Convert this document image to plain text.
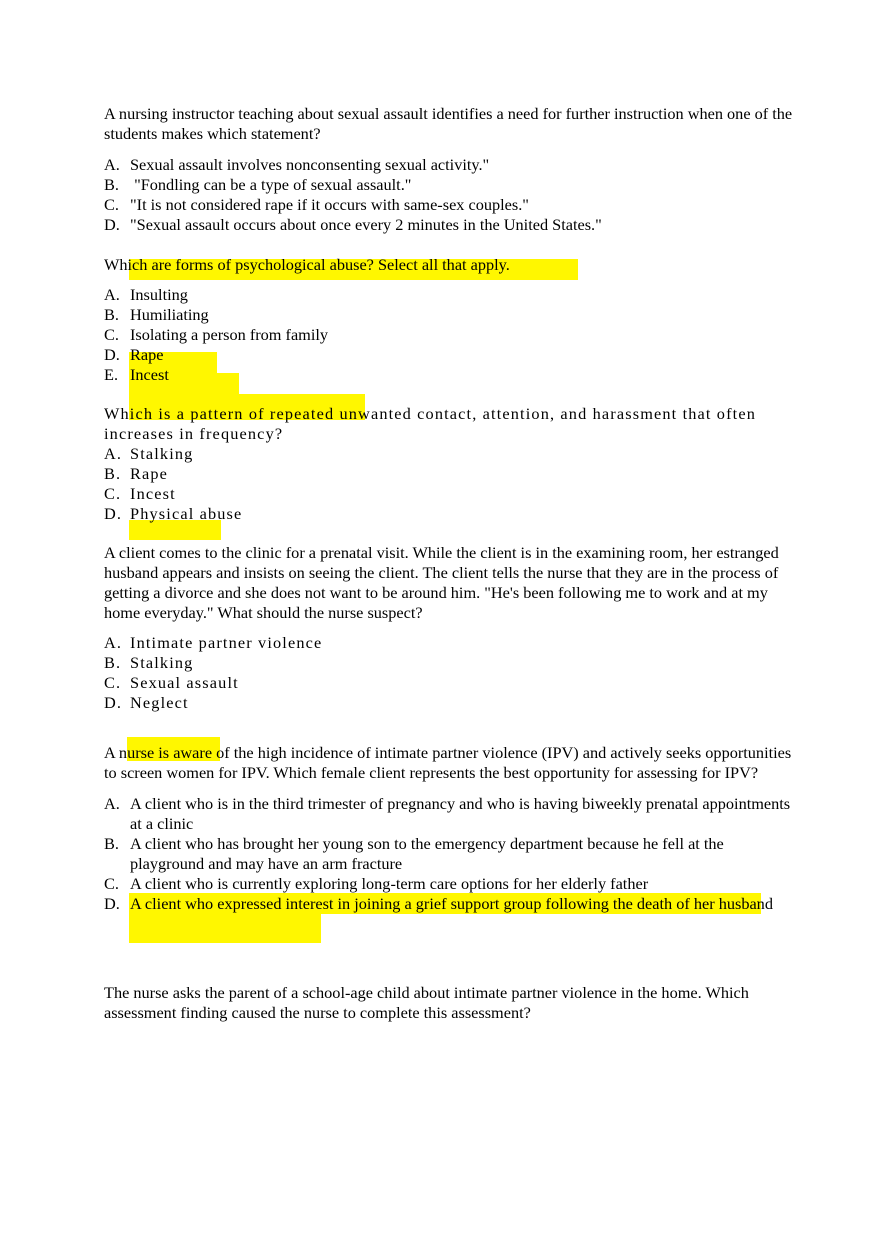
A nursing instructor teaching about sexual assault identifies a need for further instruction when one of the students makes which statement?

A. Sexual assault involves nonconsenting sexual activity."
B. "Fondling can be a type of sexual assault."
C. "It is not considered rape if it occurs with same-sex couples."
D. "Sexual assault occurs about once every 2 minutes in the United States."

Which are forms of psychological abuse? Select all that apply.

A. Insulting
B. Humiliating
C. Isolating a person from family
D. Rape
E. Incest

Which is a pattern of repeated unwanted contact, attention, and harassment that often increases in frequency?

A. Stalking
B. Rape
C. Incest
D. Physical abuse

A client comes to the clinic for a prenatal visit. While the client is in the examining room, her estranged husband appears and insists on seeing the client. The client tells the nurse that they are in the process of getting a divorce and she does not want to be around him. "He's been following me to work and at my home everyday." What should the nurse suspect?

A. Intimate partner violence
B. Stalking
C. Sexual assault
D. Neglect

A nurse is aware of the high incidence of intimate partner violence (IPV) and actively seeks opportunities to screen women for IPV. Which female client represents the best opportunity for assessing for IPV?

A. A client who is in the third trimester of pregnancy and who is having biweekly prenatal appointments at a clinic
B. A client who has brought her young son to the emergency department because he fell at the playground and may have an arm fracture
C. A client who is currently exploring long-term care options for her elderly father
D. A client who expressed interest in joining a grief support group following the death of her husband

The nurse asks the parent of a school-age child about intimate partner violence in the home. Which assessment finding caused the nurse to complete this assessment?
